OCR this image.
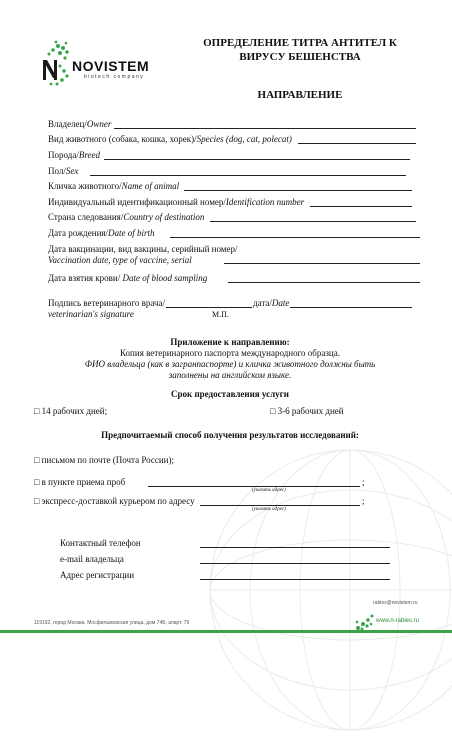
NOVISTEM
biotech company
ОПРЕДЕЛЕНИЕ ТИТРА АНТИТЕЛ К
ВИРУСУ БЕШЕНСТВА
НАПРАВЛЕНИЕ
Владелец/Owner
Вид животного (собака, кошка, хорек)/Species (dog, cat, polecat)
Порода/Breed
Пол/Sex
Кличка животного/Name of animal
Индивидуальный идентификационный номер/Identification number
Страна следования/Country of destination
Дата рождения/Date of birth
Дата вакцинации, вид вакцины, серийный номер/
Vaccination date, type of vaccine, serial
Дата взятия крови/ Date of blood sampling
Подпись ветеринарного врача/
veterinarian's signature
дата/Date
М.П.
Приложение к направлению:
Копия ветеринарного паспорта международного образца.
ФИО владельца (как в загранпаспорте) и кличка животного должны быть
заполнены на английском языке.
Срок предоставления услуги
□ 14 рабочих дней;	□ 3-6 рабочих дней
Предпочитаемый способ получения результатов исследований:
□ письмом по почте (Почта России);
□ в пункте приема проб	;
(указать адрес)
□ экспресс-доставкой курьером по адресу	;
(указать адрес)
Контактный телефон
e-mail владельца
Адрес регистрации
rabies@novistem.ru
119192, город Москва, Мосфильмовская улица, дом 74Б, апарт. 79	www.n-rabies.ru
